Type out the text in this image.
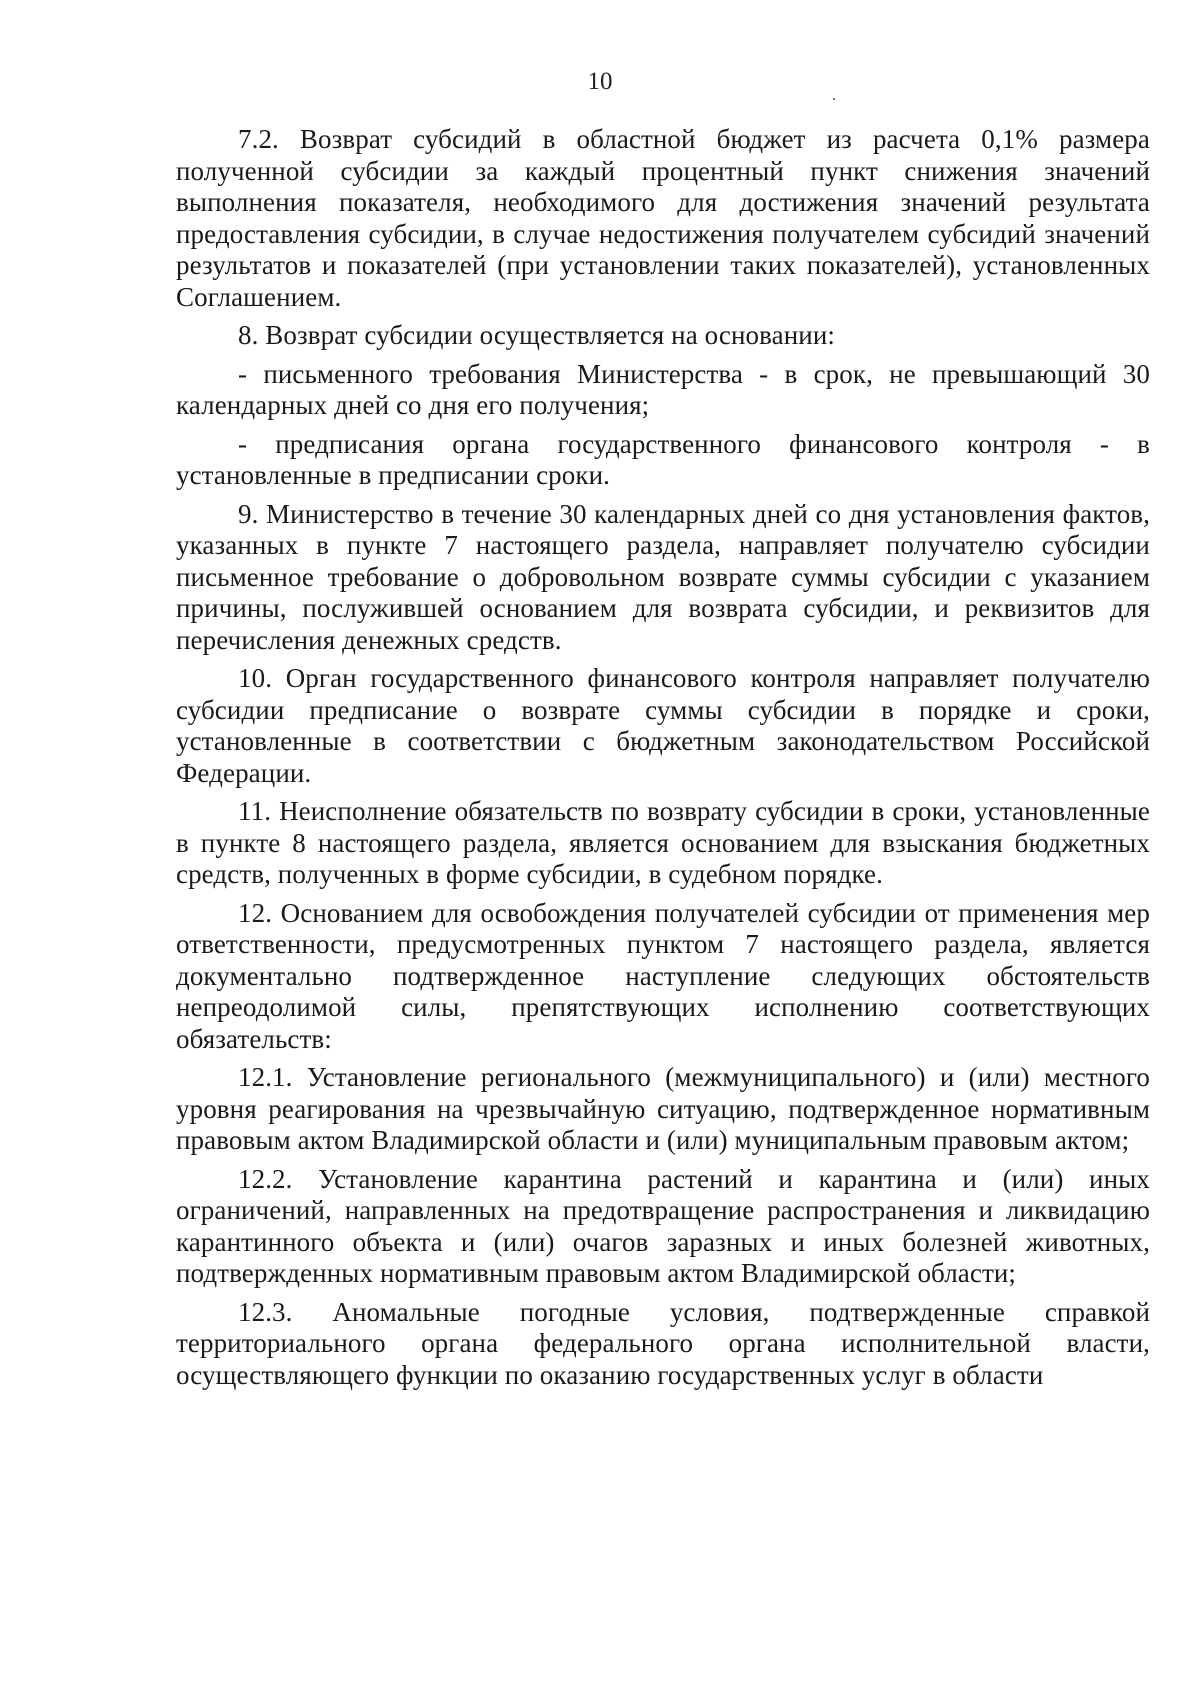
10

7.2. Возврат субсидий в областной бюджет из расчета 0,1% размера полученной субсидии за каждый процентный пункт снижения значений выполнения показателя, необходимого для достижения значений результата предоставления субсидии, в случае недостижения получателем субсидий значений результатов и показателей (при установлении таких показателей), установленных Соглашением.

8. Возврат субсидии осуществляется на основании:

- письменного требования Министерства - в срок, не превышающий 30 календарных дней со дня его получения;

- предписания органа государственного финансового контроля - в установленные в предписании сроки.

9. Министерство в течение 30 календарных дней со дня установления фактов, указанных в пункте 7 настоящего раздела, направляет получателю субсидии письменное требование о добровольном возврате суммы субсидии с указанием причины, послужившей основанием для возврата субсидии, и реквизитов для перечисления денежных средств.

10. Орган государственного финансового контроля направляет получателю субсидии предписание о возврате суммы субсидии в порядке и сроки, установленные в соответствии с бюджетным законодательством Российской Федерации.

11. Неисполнение обязательств по возврату субсидии в сроки, установленные в пункте 8 настоящего раздела, является основанием для взыскания бюджетных средств, полученных в форме субсидии, в судебном порядке.

12. Основанием для освобождения получателей субсидии от применения мер ответственности, предусмотренных пунктом 7 настоящего раздела, является документально подтвержденное наступление следующих обстоятельств непреодолимой силы, препятствующих исполнению соответствующих обязательств:

12.1. Установление регионального (межмуниципального) и (или) местного уровня реагирования на чрезвычайную ситуацию, подтвержденное нормативным правовым актом Владимирской области и (или) муниципальным правовым актом;

12.2. Установление карантина растений и карантина и (или) иных ограничений, направленных на предотвращение распространения и ликвидацию карантинного объекта и (или) очагов заразных и иных болезней животных, подтвержденных нормативным правовым актом Владимирской области;

12.3. Аномальные погодные условия, подтвержденные справкой территориального органа федерального органа исполнительной власти, осуществляющего функции по оказанию государственных услуг в области
